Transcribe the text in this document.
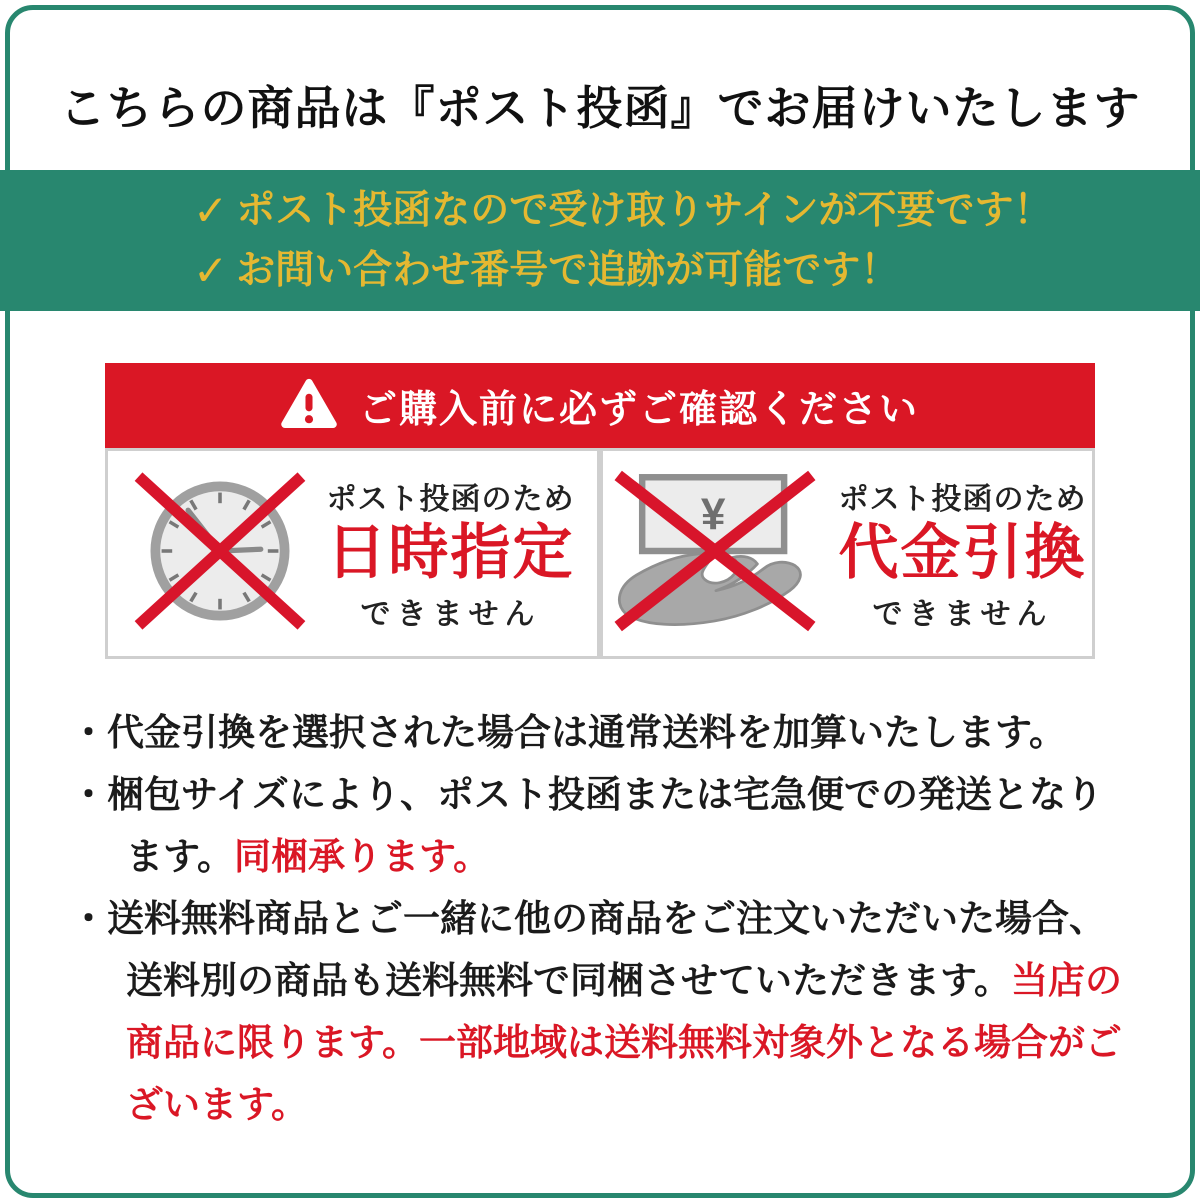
こちらの商品は『ポスト投函』でお届けいたします
✓ ポスト投函なので受け取りサインが不要です！
✓ お問い合わせ番号で追跡が可能です！
ご購入前に必ずご確認ください
ポスト投函のため
日時指定
できません
¥	ポスト投函のため
代金引換
できません
・代金引換を選択された場合は通常送料を加算いたします。
・梱包サイズにより、ポスト投函または宅急便での発送となります。同梱承ります。
・送料無料商品とご一緒に他の商品をご注文いただいた場合、送料別の商品も送料無料で同梱させていただきます。当店の商品に限ります。一部地域は送料無料対象外となる場合がございます。
